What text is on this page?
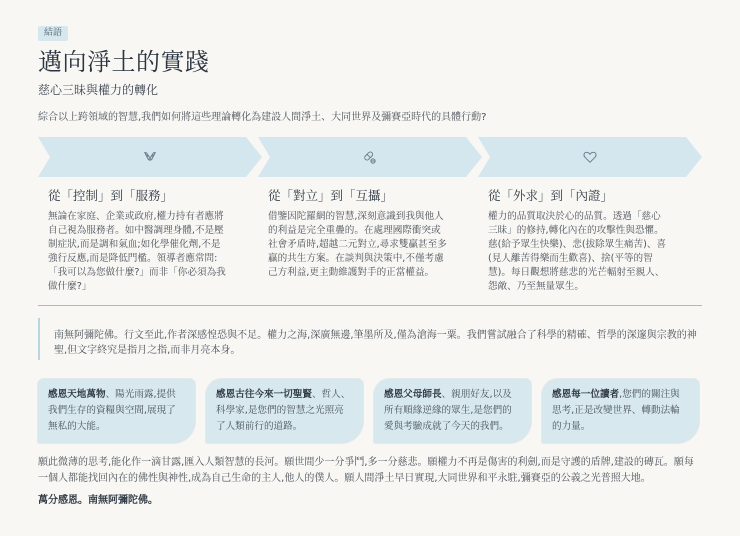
結語
邁向淨土的實踐
慈心三昧與權力的轉化
綜合以上跨領域的智慧,我們如何將這些理論轉化為建設人間淨土、大同世界及彌賽亞時代的具體行動?
從「控制」到「服務」
無論在家庭、企業或政府,權力持有者應將自己視為服務者。如中醫調理身體,不是壓制症狀,而是調和氣血;如化學催化劑,不是強行反應,而是降低門檻。領導者應常問:「我可以為您做什麼?」而非「你必須為我做什麼?」
從「對立」到「互攝」
借鑒因陀羅網的智慧,深刻意識到我與他人的利益是完全重疊的。在處理國際衝突或社會矛盾時,超越二元對立,尋求雙贏甚至多贏的共生方案。在談判與決策中,不僅考慮己方利益,更主動維護對手的正當權益。
從「外求」到「內證」
權力的品質取決於心的品質。透過「慈心三昧」的修持,轉化內在的攻擊性與恐懼。慈(給予眾生快樂)、悲(拔除眾生痛苦)、喜(見人離苦得樂而生歡喜)、捨(平等的智慧)。每日觀想將慈悲的光芒輻射至親人、怨敵、乃至無量眾生。
南無阿彌陀佛。行文至此,作者深感惶恐與不足。權力之海,深廣無邊,筆墨所及,僅為滄海一粟。我們嘗試融合了科學的精確、哲學的深邃與宗教的神聖,但文字終究是指月之指,而非月亮本身。
感恩天地萬物、陽光雨露,提供我們生存的資糧與空間,展現了無私的大能。
感恩古往今來一切聖賢、哲人、科學家,是您們的智慧之光照亮了人類前行的道路。
感恩父母師長、親朋好友,以及所有順緣逆緣的眾生,是您們的愛與考驗成就了今天的我們。
感恩每一位讀者,您們的關注與思考,正是改變世界、轉動法輪的力量。
願此微薄的思考,能化作一滴甘露,匯入人類智慧的長河。願世間少一分爭鬥,多一分慈悲。願權力不再是傷害的利劍,而是守護的盾牌,建設的磚瓦。願每一個人都能找回內在的佛性與神性,成為自己生命的主人,他人的僕人。願人間淨土早日實現,大同世界和平永駐,彌賽亞的公義之光普照大地。
萬分感恩。南無阿彌陀佛。
